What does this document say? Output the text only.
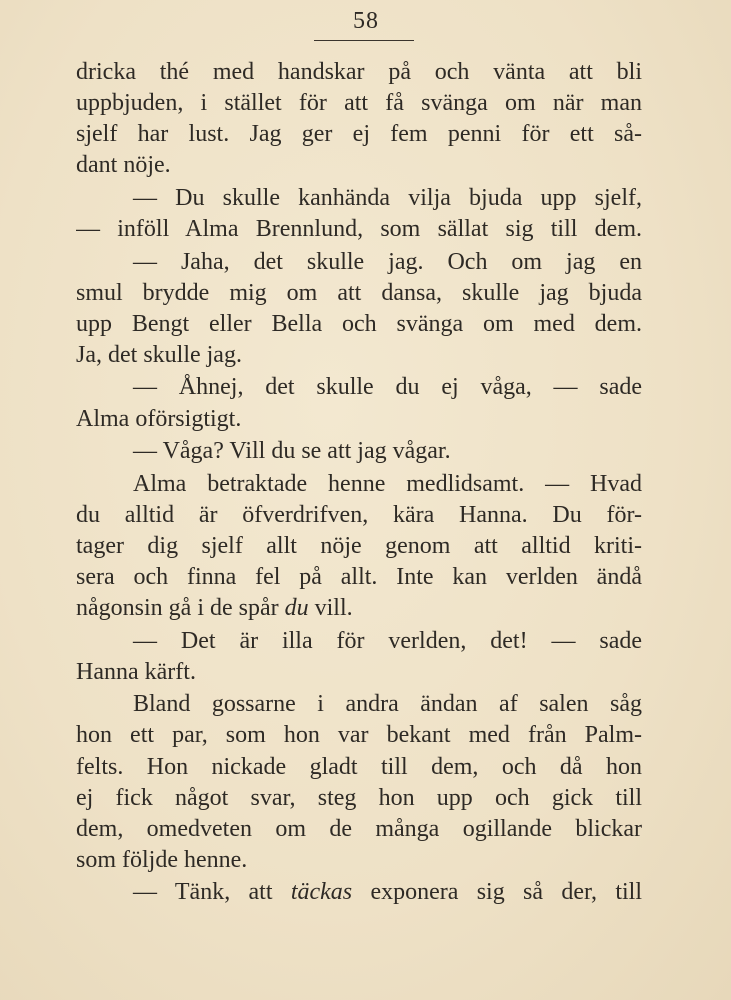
58
dricka thé med handskar på och vänta att bli
uppbjuden, i stället för att få svänga om när man
sjelf har lust. Jag ger ej fem penni för ett så-
dant nöje.
— Du skulle kanhända vilja bjuda upp sjelf,
— inföll Alma Brennlund, som sällat sig till dem.
— Jaha, det skulle jag. Och om jag en
smul brydde mig om att dansa, skulle jag bjuda
upp Bengt eller Bella och svänga om med dem.
Ja, det skulle jag.
— Åhnej, det skulle du ej våga, — sade
Alma oförsigtigt.
— Våga? Vill du se att jag vågar.
Alma betraktade henne medlidsamt. — Hvad
du alltid är öfverdrifven, kära Hanna. Du för-
tager dig sjelf allt nöje genom att alltid kriti-
sera och finna fel på allt. Inte kan verlden ändå
någonsin gå i de spår du vill.
— Det är illa för verlden, det! — sade
Hanna kärft.
Bland gossarne i andra ändan af salen såg
hon ett par, som hon var bekant med från Palm-
felts. Hon nickade gladt till dem, och då hon
ej fick något svar, steg hon upp och gick till
dem, omedveten om de många ogillande blickar
som följde henne.
— Tänk, att täckas exponera sig så der, till
